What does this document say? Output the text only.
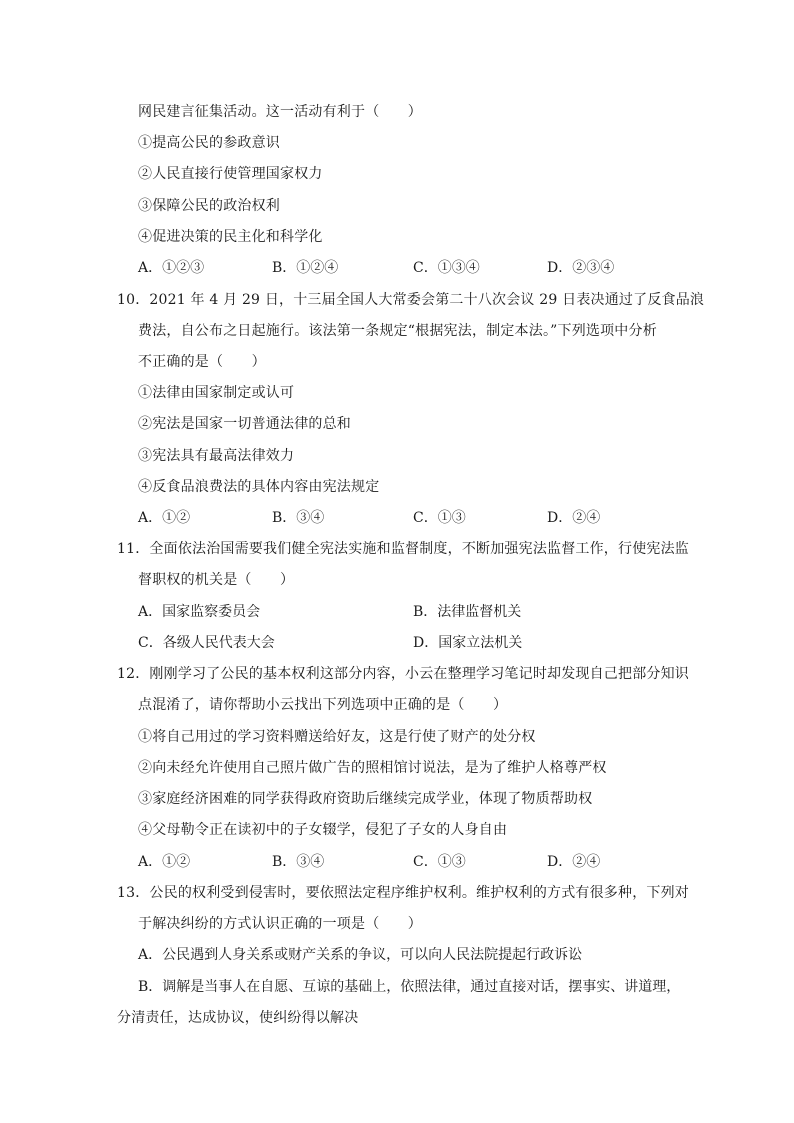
网民建言征集活动。这一活动有利于（　　）
①提高公民的参政意识
②人民直接行使管理国家权力
③保障公民的政治权利
④促进决策的民主化和科学化
A．①②③	B．①②④	C．①③④	D．②③④
10．2021 年 4 月 29 日，十三届全国人大常委会第二十八次会议 29 日表决通过了反食品浪
费法，自公布之日起施行。该法第一条规定“根据宪法，制定本法。”下列选项中分析
不正确的是（　　）
①法律由国家制定或认可
②宪法是国家一切普通法律的总和
③宪法具有最高法律效力
④反食品浪费法的具体内容由宪法规定
A．①②	B．③④	C．①③	D．②④
11．全面依法治国需要我们健全宪法实施和监督制度，不断加强宪法监督工作，行使宪法监
督职权的机关是（　　）
A．国家监察委员会	B．法律监督机关
C．各级人民代表大会	D．国家立法机关
12．刚刚学习了公民的基本权利这部分内容，小云在整理学习笔记时却发现自己把部分知识
点混淆了，请你帮助小云找出下列选项中正确的是（　　）
①将自己用过的学习资料赠送给好友，这是行使了财产的处分权
②向未经允许使用自己照片做广告的照相馆讨说法，是为了维护人格尊严权
③家庭经济困难的同学获得政府资助后继续完成学业，体现了物质帮助权
④父母勒令正在读初中的子女辍学，侵犯了子女的人身自由
A．①②	B．③④	C．①③	D．②④
13．公民的权利受到侵害时，要依照法定程序维护权利。维护权利的方式有很多种，下列对
于解决纠纷的方式认识正确的一项是（　　）
A．公民遇到人身关系或财产关系的争议，可以向人民法院提起行政诉讼
B．调解是当事人在自愿、互谅的基础上，依照法律，通过直接对话，摆事实、讲道理，
分清责任，达成协议，使纠纷得以解决
